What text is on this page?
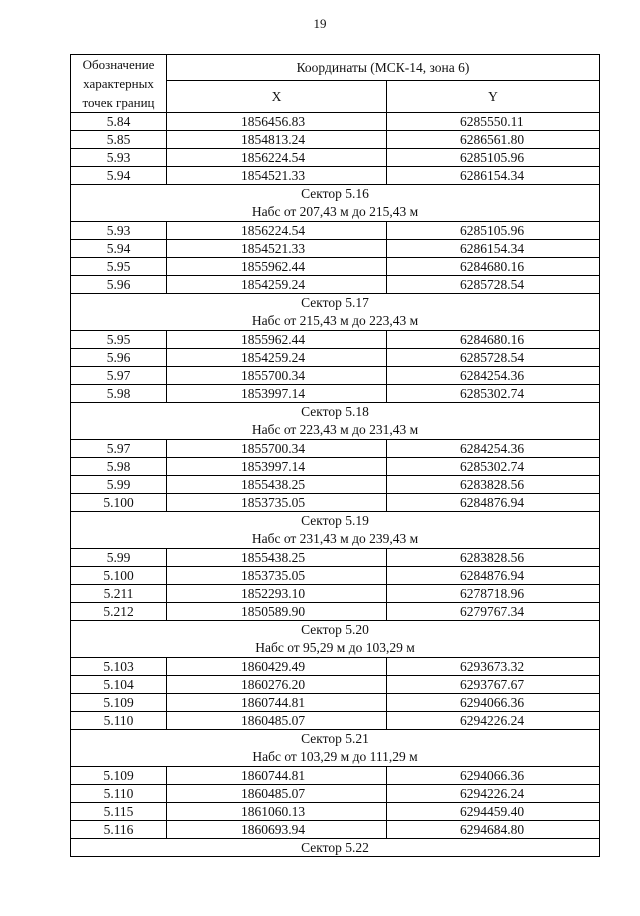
19
Обозначение характерных точек границ	Координаты (МСК-14, зона 6)	
	X	Y
5.84	1856456.83	6285550.11
5.85	1854813.24	6286561.80
5.93	1856224.54	6285105.96
5.94	1854521.33	6286154.34

Сектор 5.16
Набс от 207,43 м до 215,43 м		

5.93	1856224.54	6285105.96
5.94	1854521.33	6286154.34
5.95	1855962.44	6284680.16
5.96	1854259.24	6285728.54

Сектор 5.17
Набс от 215,43 м до 223,43 м		

5.95	1855962.44	6284680.16
5.96	1854259.24	6285728.54
5.97	1855700.34	6284254.36
5.98	1853997.14	6285302.74

Сектор 5.18
Набс от 223,43 м до 231,43 м		

5.97	1855700.34	6284254.36
5.98	1853997.14	6285302.74
5.99	1855438.25	6283828.56
5.100	1853735.05	6284876.94

Сектор 5.19
Набс от 231,43 м до 239,43 м		

5.99	1855438.25	6283828.56
5.100	1853735.05	6284876.94
5.211	1852293.10	6278718.96
5.212	1850589.90	6279767.34

Сектор 5.20
Набс от 95,29 м до 103,29 м		

5.103	1860429.49	6293673.32
5.104	1860276.20	6293767.67
5.109	1860744.81	6294066.36
5.110	1860485.07	6294226.24

Сектор 5.21
Набс от 103,29 м до 111,29 м		

5.109	1860744.81	6294066.36
5.110	1860485.07	6294226.24
5.115	1861060.13	6294459.40
5.116	1860693.94	6294684.80
Сектор 5.22		
